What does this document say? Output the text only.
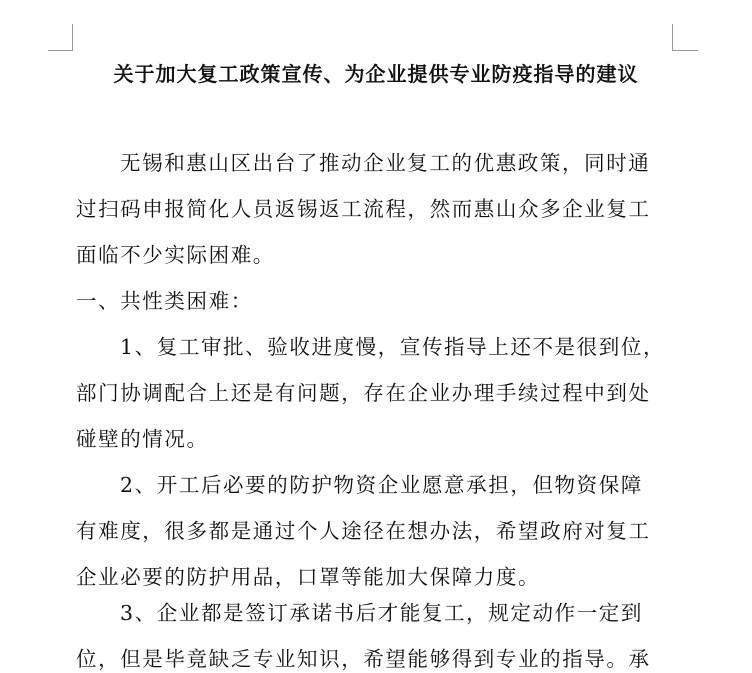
关于加大复工政策宣传、为企业提供专业防疫指导的建议
无锡和惠山区出台了推动企业复工的优惠政策，同时通
过扫码申报简化人员返锡返工流程，然而惠山众多企业复工
面临不少实际困难。
一、共性类困难：
1、复工审批、验收进度慢，宣传指导上还不是很到位，
部门协调配合上还是有问题，存在企业办理手续过程中到处
碰壁的情况。
2、开工后必要的防护物资企业愿意承担，但物资保障
有难度，很多都是通过个人途径在想办法，希望政府对复工
企业必要的防护用品，口罩等能加大保障力度。
3、企业都是签订承诺书后才能复工，规定动作一定到
位，但是毕竟缺乏专业知识，希望能够得到专业的指导。承
